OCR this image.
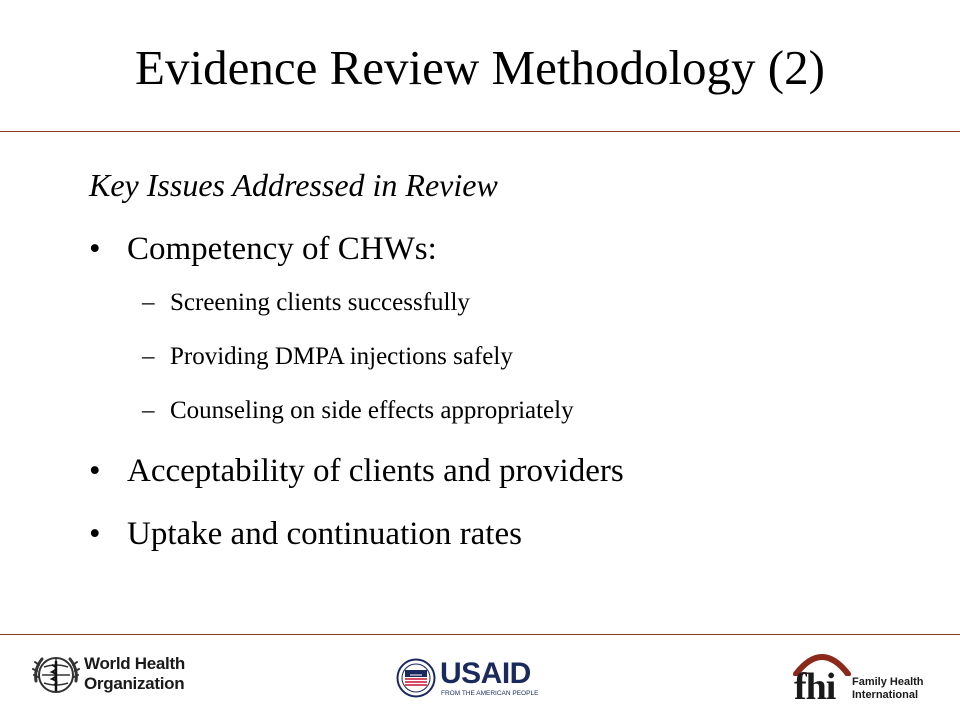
Evidence Review Methodology (2)
Key Issues Addressed in Review
• Competency of CHWs:
– Screening clients successfully
– Providing DMPA injections safely
– Counseling on side effects appropriately
• Acceptability of clients and providers
• Uptake and continuation rates
World Health
Organization	USAID
FROM THE AMERICAN PEOPLE	fhi Family Health
International
